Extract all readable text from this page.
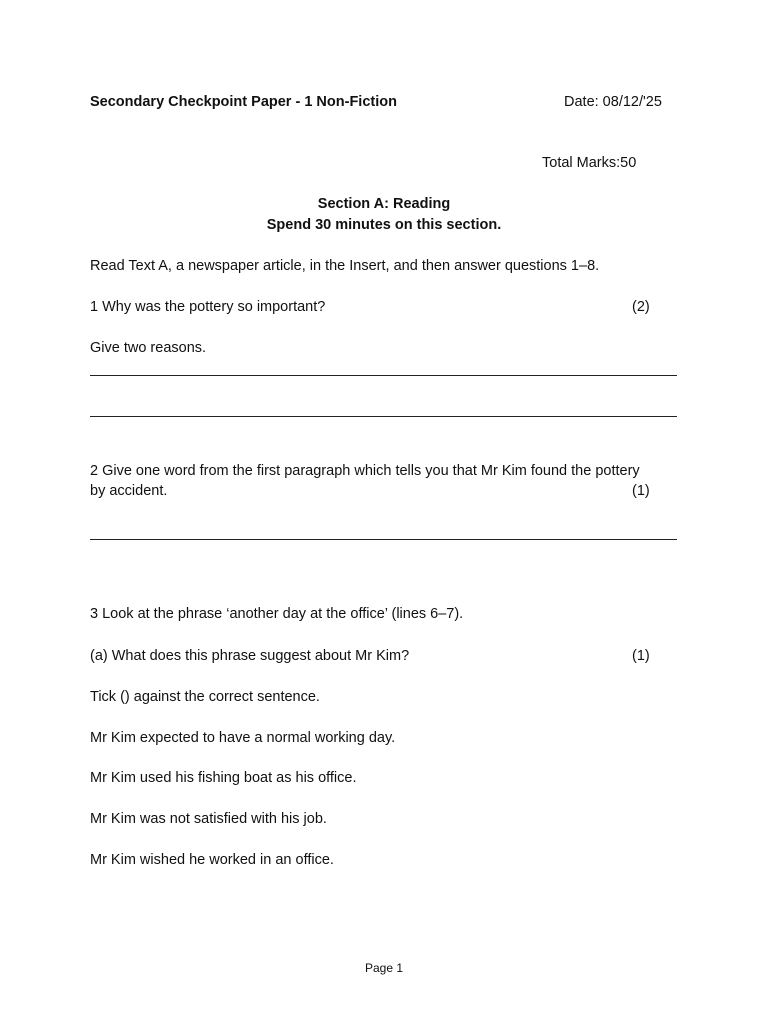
Secondary Checkpoint Paper - 1 Non-Fiction	Date: 08/12/'25
Total Marks:50
Section A: Reading
Spend 30 minutes on this section.
Read Text A, a newspaper article, in the Insert, and then answer questions 1–8.
1 Why was the pottery so important?	(2)
Give two reasons.
2 Give one word from the first paragraph which tells you that Mr Kim found the pottery
by accident.	(1)
3 Look at the phrase ‘another day at the office’ (lines 6–7).
(a) What does this phrase suggest about Mr Kim?	(1)
Tick () against the correct sentence.
Mr Kim expected to have a normal working day.
Mr Kim used his fishing boat as his office.
Mr Kim was not satisfied with his job.
Mr Kim wished he worked in an office.
Page 1
